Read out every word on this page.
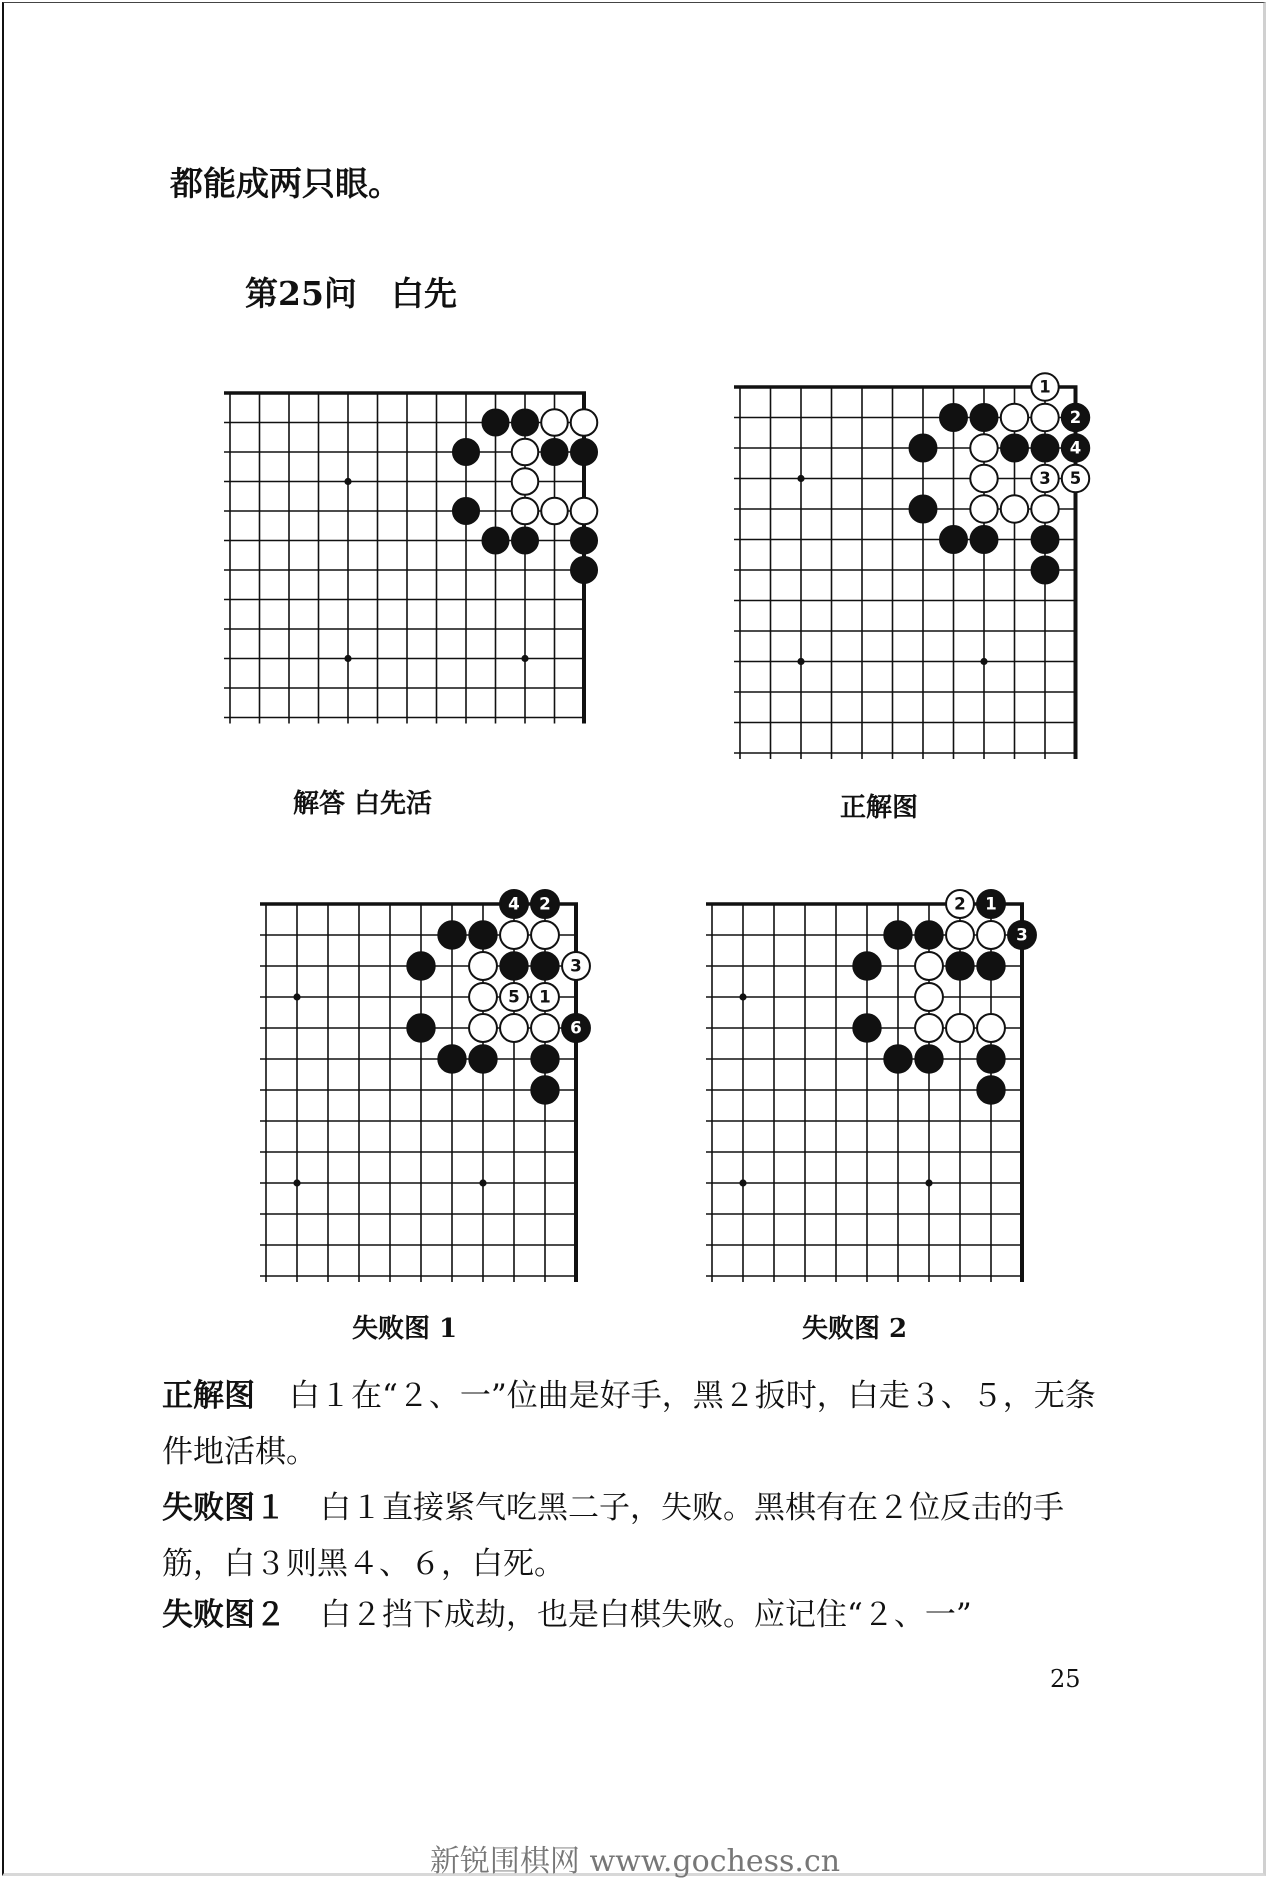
都能成两只眼。
第25问 白先
1
3 5
2
4
1
3
5
2
4
6
2 1
3
解答 白先活	正解图
失败图 1	失败图 2
正解图 白１在“２、一”位曲是好手，黑２扳时，白走３、５，无条件地活棋。
失败图１ 白１直接紧气吃黑二子，失败。黑棋有在２位反击的手筋，白３则黑４、６，白死。
失败图２ 白２挡下成劫，也是白棋失败。应记住“２、一”
25
新锐围棋网 www.gochess.cn
